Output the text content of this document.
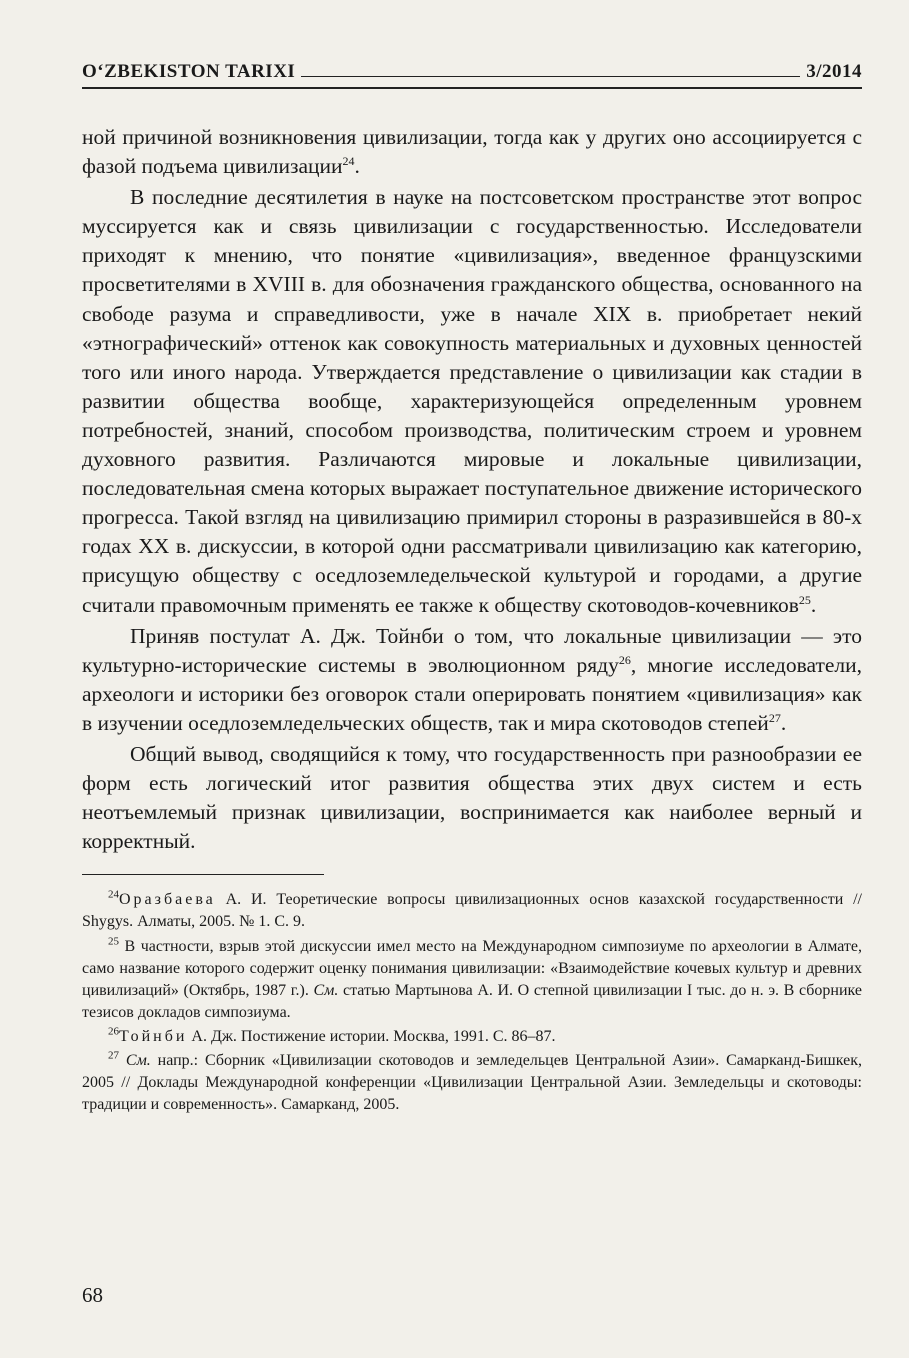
O‘ZBEKISTON TARIXI	3/2014

ной причиной возникновения цивилизации, тогда как у других оно ассоциируется с фазой подъема цивилизации$^{24}$.

В последние десятилетия в науке на постсоветском пространстве этот вопрос муссируется как и связь цивилизации с государственностью. Исследователи приходят к мнению, что понятие «цивилизация», введенное французскими просветителями в XVIII в. для обозначения гражданского общества, основанного на свободе разума и справедливости, уже в начале XIX в. приобретает некий «этнографический» оттенок как совокупность материальных и духовных ценностей того или иного народа. Утверждается представление о цивилизации как стадии в развитии общества вообще, характеризующейся определенным уровнем потребностей, знаний, способом производства, политическим строем и уровнем духовного развития. Различаются мировые и локальные цивилизации, последовательная смена которых выражает поступательное движение исторического прогресса. Такой взгляд на цивилизацию примирил стороны в разразившейся в 80-х годах XX в. дискуссии, в которой одни рассматривали цивилизацию как категорию, присущую обществу с оседлоземледельческой культурой и городами, а другие считали правомочным применять ее также к обществу скотоводов-кочевников$^{25}$.

Приняв постулат А. Дж. Тойнби о том, что локальные цивилизации — это культурно-исторические системы в эволюционном ряду$^{26}$, многие исследователи, археологи и историки без оговорок стали оперировать понятием «цивилизация» как в изучении оседлоземледельческих обществ, так и мира скотоводов степей$^{27}$.

Общий вывод, сводящийся к тому, что государственность при разнообразии ее форм есть логический итог развития общества этих двух систем и есть неотъемлемый признак цивилизации, воспринимается как наиболее верный и корректный.

$^{24}$Оразбаева А. И. Теоретические вопросы цивилизационных основ казахской государственности // Shygys. Алматы, 2005. № 1. С. 9.

$^{25}$ В частности, взрыв этой дискуссии имел место на Международном симпозиуме по археологии в Алмате, само название которого содержит оценку понимания цивилизации: «Взаимодействие кочевых культур и древних цивилизаций» (Октябрь, 1987 г.). См. статью Мартынова А. И. О степной цивилизации I тыс. до н. э. В сборнике тезисов докладов симпозиума.

$^{26}$Тойнби А. Дж. Постижение истории. Москва, 1991. С. 86–87.

$^{27}$ См. напр.: Сборник «Цивилизации скотоводов и земледельцев Центральной Азии». Самарканд-Бишкек, 2005 // Доклады Международной конференции «Цивилизации Центральной Азии. Земледельцы и скотоводы: традиции и современность». Самарканд, 2005.

68
